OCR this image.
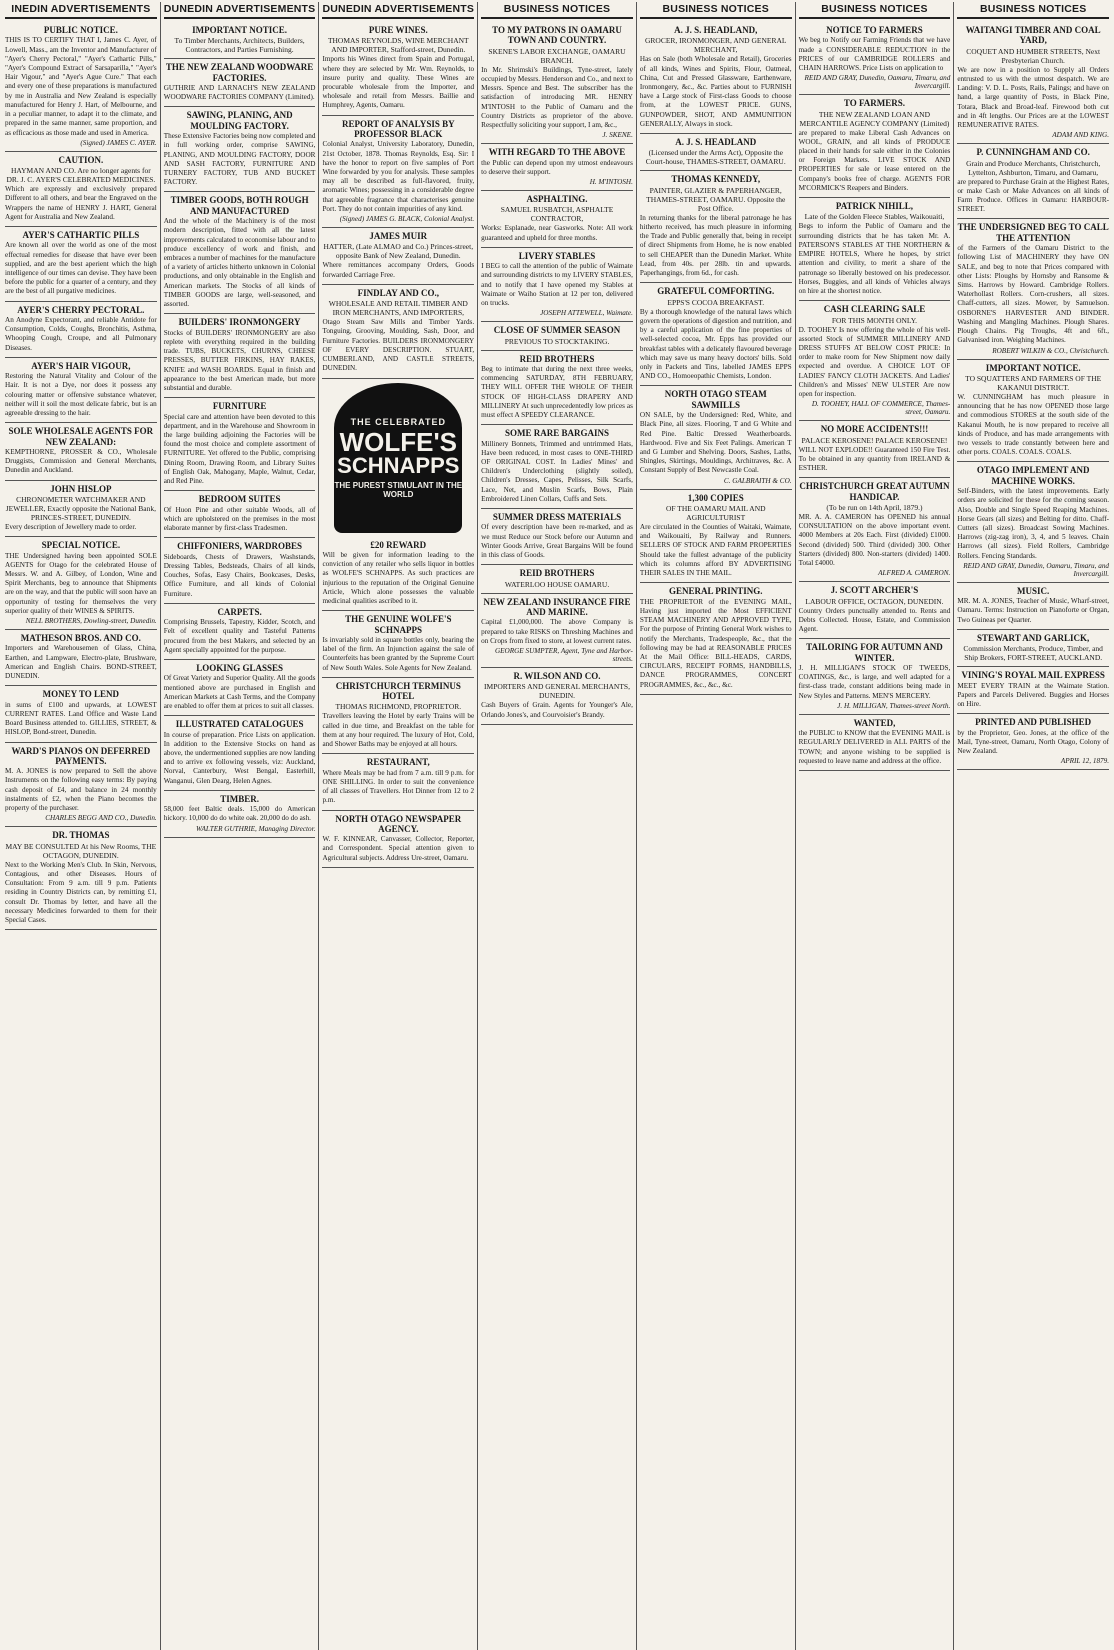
INEDIN ADVERTISEMENTS
PUBLIC NOTICE.
THIS IS TO CERTIFY THAT I, James C. Ayer, of Lowell, Mass., am the Inventor and Manufacturer of "Ayer's Cherry Pectoral," "Ayer's Cathartic Pills," "Ayer's Compound Extract of Sarsaparilla," "Ayer's Hair Vigour," and "Ayer's Ague Cure." That each and every one of these preparations is manufactured by me in Australia and New Zealand is especially manufactured for Henry J. Hart, of Melbourne, and in a peculiar manner, to adapt it to the climate, and prepared in the same manner, same proportion, and as efficacious as those made and used in America.
(Signed) JAMES C. AYER.
CAUTION.
HAYMAN AND CO. Are no longer agents for DR. J. C. AYER'S CELEBRATED MEDICINES.
Which are expressly and exclusively prepared Different to all others, and bear the Engraved on the Wrappers the name of HENRY J. HART, General Agent for Australia and New Zealand.
AYER'S CATHARTIC PILLS
Are known all over the world as one of the most effectual remedies for disease that have ever been supplied, and are the best aperient which the high intelligence of our times can devise. They have been before the public for a quarter of a century, and they are the best of all purgative medicines.
AYER'S CHERRY PECTORAL.
An Anodyne Expectorant, and reliable Antidote for Consumption, Colds, Coughs, Bronchitis, Asthma, Whooping Cough, Croupe, and all Pulmonary Diseases.
AYER'S HAIR VIGOUR,
Restoring the Natural Vitality and Colour of the Hair. It is not a Dye, nor does it possess any colouring matter or offensive substance whatever, neither will it soil the most delicate fabric, but is an agreeable dressing to the hair.
SOLE WHOLESALE AGENTS FOR NEW ZEALAND:
KEMPTHORNE, PROSSER & CO., Wholesale Druggists, Commission and General Merchants, Dunedin and Auckland.
JOHN HISLOP
CHRONOMETER WATCHMAKER AND JEWELLER, Exactly opposite the National Bank, PRINCES-STREET, DUNEDIN.
Every description of Jewellery made to order.
SPECIAL NOTICE.
THE Undersigned having been appointed SOLE AGENTS for Otago for the celebrated House of Messrs. W. and A. Gilbey, of London, Wine and Spirit Merchants, beg to announce that Shipments are on the way, and that the public will soon have an opportunity of testing for themselves the very superior quality of their WINES & SPIRITS.
NELL BROTHERS, Dowling-street, Dunedin.
MATHESON BROS. AND CO.
Importers and Warehousemen of Glass, China, Earthen, and Lampware, Electro-plate, Brushware, American and English Chairs. BOND-STREET, DUNEDIN.
MONEY TO LEND
in sums of £100 and upwards, at LOWEST CURRENT RATES. Land Office and Waste Land Board Business attended to. GILLIES, STREET, & HISLOP, Bond-street, Dunedin.
WARD'S PIANOS ON DEFERRED PAYMENTS.
M. A. JONES is now prepared to Sell the above Instruments on the following easy terms: By paying cash deposit of £4, and balance in 24 monthly instalments of £2, when the Piano becomes the property of the purchaser.
CHARLES BEGG AND CO., Dunedin.
DR. THOMAS
MAY BE CONSULTED At his New Rooms, THE OCTAGON, DUNEDIN.
Next to the Working Men's Club. In Skin, Nervous, Contagious, and other Diseases. Hours of Consultation: From 9 a.m. till 9 p.m. Patients residing in Country Districts can, by remitting £1, consult Dr. Thomas by letter, and have all the necessary Medicines forwarded to them for their Special Cases.
DUNEDIN ADVERTISEMENTS
IMPORTANT NOTICE.
To Timber Merchants, Architects, Builders, Contractors, and Parties Furnishing.
THE NEW ZEALAND WOODWARE FACTORIES.
GUTHRIE AND LARNACH'S NEW ZEALAND WOODWARE FACTORIES COMPANY (Limited).
SAWING, PLANING, AND MOULDING FACTORY.
These Extensive Factories being now completed and in full working order, comprise SAWING, PLANING, AND MOULDING FACTORY, DOOR AND SASH FACTORY, FURNITURE AND TURNERY FACTORY, TUB AND BUCKET FACTORY.
TIMBER GOODS, BOTH ROUGH AND MANUFACTURED
And the whole of the Machinery is of the most modern description, fitted with all the latest improvements calculated to economise labour and to produce excellency of work and finish, and embraces a number of machines for the manufacture of a variety of articles hitherto unknown in Colonial productions, and only obtainable in the English and American markets. The Stocks of all kinds of TIMBER GOODS are large, well-seasoned, and assorted.
BUILDERS' IRONMONGERY
Stocks of BUILDERS' IRONMONGERY are also replete with everything required in the building trade. TUBS, BUCKETS, CHURNS, CHEESE PRESSES, BUTTER FIRKINS, HAY RAKES, KNIFE and WASH BOARDS. Equal in finish and appearance to the best American made, but more substantial and durable.
FURNITURE
Special care and attention have been devoted to this department, and in the Warehouse and Showroom in the large building adjoining the Factories will be found the most choice and complete assortment of FURNITURE. Yet offered to the Public, comprising Dining Room, Drawing Room, and Library Suites of English Oak, Mahogany, Maple, Walnut, Cedar, and Red Pine.
BEDROOM SUITES
Of Huon Pine and other suitable Woods, all of which are upholstered on the premises in the most elaborate manner by first-class Tradesmen.
CHIFFONIERS, WARDROBES
Sideboards, Chests of Drawers, Washstands, Dressing Tables, Bedsteads, Chairs of all kinds, Couches, Sofas, Easy Chairs, Bookcases, Desks, Office Furniture, and all kinds of Colonial Furniture.
CARPETS.
Comprising Brussels, Tapestry, Kidder, Scotch, and Felt of excellent quality and Tasteful Patterns procured from the best Makers, and selected by an Agent specially appointed for the purpose.
LOOKING GLASSES
Of Great Variety and Superior Quality. All the goods mentioned above are purchased in English and American Markets at Cash Terms, and the Company are enabled to offer them at prices to suit all classes.
ILLUSTRATED CATALOGUES
In course of preparation. Price Lists on application. In addition to the Extensive Stocks on hand as above, the undermentioned supplies are now landing and to arrive ex following vessels, viz: Auckland, Norval, Canterbury, West Bengal, Easterhill, Wanganui, Glen Dearg, Helen Agnes.
TIMBER.
58,000 feet Baltic deals. 15,000 do American hickory. 10,000 do do white oak. 20,000 do do ash.
WALTER GUTHRIE, Managing Director.
DUNEDIN ADVERTISEMENTS
PURE WINES.
THOMAS REYNOLDS, WINE MERCHANT AND IMPORTER, Stafford-street, Dunedin.
Imports his Wines direct from Spain and Portugal, where they are selected by Mr. Wm. Reynolds, to insure purity and quality. These Wines are procurable wholesale from the Importer, and wholesale and retail from Messrs. Baillie and Humphrey, Agents, Oamaru.
REPORT OF ANALYSIS BY PROFESSOR BLACK
Colonial Analyst, University Laboratory, Dunedin, 21st October, 1878. Thomas Reynolds, Esq. Sir: I have the honor to report on five samples of Port Wine forwarded by you for analysis. These samples may all be described as full-flavored, fruity, aromatic Wines; possessing in a considerable degree that agreeable fragrance that characterises genuine Port. They do not contain impurities of any kind.
(Signed) JAMES G. BLACK, Colonial Analyst.
JAMES MUIR
HATTER, (Late ALMAO and Co.) Princes-street, opposite Bank of New Zealand, Dunedin.
Where remittances accompany Orders, Goods forwarded Carriage Free.
FINDLAY AND CO.,
WHOLESALE AND RETAIL TIMBER AND IRON MERCHANTS, AND IMPORTERS,
Otago Steam Saw Mills and Timber Yards. Tonguing, Grooving, Moulding, Sash, Door, and Furniture Factories. BUILDERS IRONMONGERY OF EVERY DESCRIPTION. STUART, CUMBERLAND, AND CASTLE STREETS, DUNEDIN.
THE CELEBRATED
WOLFE'S
SCHNAPPS
THE PUREST STIMULANT IN THE WORLD
£20 REWARD
Will be given for information leading to the conviction of any retailer who sells liquor in bottles as WOLFE'S SCHNAPPS. As such practices are injurious to the reputation of the Original Genuine Article, Which alone possesses the valuable medicinal qualities ascribed to it.
THE GENUINE WOLFE'S SCHNAPPS
Is invariably sold in square bottles only, bearing the label of the firm. An Injunction against the sale of Counterfeits has been granted by the Supreme Court of New South Wales. Sole Agents for New Zealand.
CHRISTCHURCH TERMINUS HOTEL
THOMAS RICHMOND, PROPRIETOR.
Travellers leaving the Hotel by early Trains will be called in due time, and Breakfast on the table for them at any hour required. The luxury of Hot, Cold, and Shower Baths may be enjoyed at all hours.
RESTAURANT,
Where Meals may be had from 7 a.m. till 9 p.m. for ONE SHILLING. In order to suit the convenience of all classes of Travellers. Hot Dinner from 12 to 2 p.m.
NORTH OTAGO NEWSPAPER AGENCY.
W. F. KINNEAR, Canvasser, Collector, Reporter, and Correspondent. Special attention given to Agricultural subjects. Address Ure-street, Oamaru.
BUSINESS NOTICES
TO MY PATRONS IN OAMARU TOWN AND COUNTRY.
SKENE'S LABOR EXCHANGE, OAMARU BRANCH.
In Mr. Shrimski's Buildings, Tyne-street, lately occupied by Messrs. Henderson and Co., and next to Messrs. Spence and Best. The subscriber has the satisfaction of introducing MR. HENRY M'INTOSH to the Public of Oamaru and the Country Districts as proprietor of the above. Respectfully soliciting your support, I am, &c.,
J. SKENE.
WITH REGARD TO THE ABOVE
the Public can depend upon my utmost endeavours to deserve their support.
H. M'INTOSH.
ASPHALTING.
SAMUEL RUSBATCH, ASPHALTE CONTRACTOR,
Works: Esplanade, near Gasworks. Note: All work guaranteed and upheld for three months.
LIVERY STABLES
I BEG to call the attention of the public of Waimate and surrounding districts to my LIVERY STABLES, and to notify that I have opened my Stables at Waimate or Waiho Station at 12 per ton, delivered on trucks.
JOSEPH ATTEWELL, Waimate.
CLOSE OF SUMMER SEASON
PREVIOUS TO STOCKTAKING.
REID BROTHERS
Beg to intimate that during the next three weeks, commencing SATURDAY, 8TH FEBRUARY, THEY WILL OFFER THE WHOLE OF THEIR STOCK OF HIGH-CLASS DRAPERY AND MILLINERY At such unprecedentedly low prices as must effect A SPEEDY CLEARANCE.
SOME RARE BARGAINS
Millinery Bonnets, Trimmed and untrimmed Hats, Have been reduced, in most cases to ONE-THIRD OF ORIGINAL COST. In Ladies' Mines' and Children's Underclothing (slightly soiled), Children's Dresses, Capes, Pelisses, Silk Scarfs, Lace, Net, and Muslin Scarfs, Bows, Plain Embroidered Linen Collars, Cuffs and Sets.
SUMMER DRESS MATERIALS
Of every description have been re-marked, and as we must Reduce our Stock before our Autumn and Winter Goods Arrive, Great Bargains Will be found in this class of Goods.
REID BROTHERS
WATERLOO HOUSE OAMARU.
NEW ZEALAND INSURANCE FIRE AND MARINE.
Capital £1,000,000. The above Company is prepared to take RISKS on Threshing Machines and on Crops from fixed to store, at lowest current rates.
GEORGE SUMPTER, Agent, Tyne and Harbor-streets.
R. WILSON AND CO.
IMPORTERS AND GENERAL MERCHANTS, DUNEDIN.
Cash Buyers of Grain. Agents for Younger's Ale, Orlando Jones's, and Courvoisier's Brandy.
BUSINESS NOTICES
A. J. S. HEADLAND,
GROCER, IRONMONGER, AND GENERAL MERCHANT,
Has on Sale (both Wholesale and Retail), Groceries of all kinds, Wines and Spirits, Flour, Oatmeal, China, Cut and Pressed Glassware, Earthenware, Ironmongery, &c., &c. Parties about to FURNISH have a Large stock of First-class Goods to choose from, at the LOWEST PRICE. GUNS, GUNPOWDER, SHOT, AND AMMUNITION GENERALLY, Always in stock.
A. J. S. HEADLAND
(Licensed under the Arms Act), Opposite the Court-house, THAMES-STREET, OAMARU.
THOMAS KENNEDY,
PAINTER, GLAZIER & PAPERHANGER, THAMES-STREET, OAMARU. Opposite the Post Office.
In returning thanks for the liberal patronage he has hitherto received, has much pleasure in informing the Trade and Public generally that, being in receipt of direct Shipments from Home, he is now enabled to sell CHEAPER than the Dunedin Market. White Lead, from 40s. per 28lb. tin and upwards. Paperhangings, from 6d., for cash.
GRATEFUL COMFORTING.
EPPS'S COCOA BREAKFAST.
By a thorough knowledge of the natural laws which govern the operations of digestion and nutrition, and by a careful application of the fine properties of well-selected cocoa, Mr. Epps has provided our breakfast tables with a delicately flavoured beverage which may save us many heavy doctors' bills. Sold only in Packets and Tins, labelled JAMES EPPS AND CO., Homoeopathic Chemists, London.
NORTH OTAGO STEAM SAWMILLS
ON SALE, by the Undersigned: Red, White, and Black Pine, all sizes. Flooring, T and G White and Red Pine. Baltic Dressed Weatherboards. Hardwood. Five and Six Feet Palings. American T and G Lumber and Shelving. Doors, Sashes, Laths, Shingles, Skirtings, Mouldings, Architraves, &c. A Constant Supply of Best Newcastle Coal.
C. GALBRAITH & CO.
1,300 COPIES
OF THE OAMARU MAIL AND AGRICULTURIST
Are circulated in the Counties of Waitaki, Waimate, and Waikouaiti, By Railway and Runners. SELLERS OF STOCK AND FARM PROPERTIES Should take the fullest advantage of the publicity which its columns afford BY ADVERTISING THEIR SALES IN THE MAIL.
GENERAL PRINTING.
THE PROPRIETOR of the EVENING MAIL, Having just imported the Most EFFICIENT STEAM MACHINERY AND APPROVED TYPE, For the purpose of Printing General Work wishes to notify the Merchants, Tradespeople, &c., that the following may be had at REASONABLE PRICES At the Mail Office: BILL-HEADS, CARDS, CIRCULARS, RECEIPT FORMS, HANDBILLS, DANCE PROGRAMMES, CONCERT PROGRAMMES, &c., &c., &c.
BUSINESS NOTICES
NOTICE TO FARMERS
We beg to Notify our Farming Friends that we have made a CONSIDERABLE REDUCTION in the PRICES of our CAMBRIDGE ROLLERS and CHAIN HARROWS. Price Lists on application to
REID AND GRAY, Dunedin, Oamaru, Timaru, and Invercargill.
TO FARMERS.
THE NEW ZEALAND LOAN AND MERCANTILE AGENCY COMPANY (Limited)
are prepared to make Liberal Cash Advances on WOOL, GRAIN, and all kinds of PRODUCE placed in their hands for sale either in the Colonies or Foreign Markets. LIVE STOCK AND PROPERTIES for sale or lease entered on the Company's books free of charge. AGENTS FOR M'CORMICK'S Reapers and Binders.
PATRICK NIHILL,
Late of the Golden Fleece Stables, Waikouaiti,
Begs to inform the Public of Oamaru and the surrounding districts that he has taken Mr. A. PATERSON'S STABLES AT THE NORTHERN & EMPIRE HOTELS, Where he hopes, by strict attention and civility, to merit a share of the patronage so liberally bestowed on his predecessor. Horses, Buggies, and all kinds of Vehicles always on hire at the shortest notice.
CASH CLEARING SALE
FOR THIS MONTH ONLY.
D. TOOHEY Is now offering the whole of his well-assorted Stock of SUMMER MILLINERY AND DRESS STUFFS AT BELOW COST PRICE: In order to make room for New Shipment now daily expected and overdue. A CHOICE LOT OF LADIES' FANCY CLOTH JACKETS. And Ladies' Children's and Misses' NEW ULSTER Are now open for inspection.
D. TOOHEY, HALL OF COMMERCE, Thames-street, Oamaru.
NO MORE ACCIDENTS!!!
PALACE KEROSENE! PALACE KEROSENE!
WILL NOT EXPLODE!! Guaranteed 150 Fire Test. To be obtained in any quantity from IRELAND & ESTHER.
CHRISTCHURCH GREAT AUTUMN HANDICAP.
(To be run on 14th April, 1879.)
MR. A. A. CAMERON has OPENED his annual CONSULTATION on the above important event. 4000 Members at 20s Each. First (divided) £1000. Second (divided) 500. Third (divided) 300. Other Starters (divided) 800. Non-starters (divided) 1400. Total £4000.
ALFRED A. CAMERON.
J. SCOTT ARCHER'S
LABOUR OFFICE, OCTAGON, DUNEDIN.
Country Orders punctually attended to. Rents and Debts Collected. House, Estate, and Commission Agent.
TAILORING FOR AUTUMN AND WINTER.
J. H. MILLIGAN'S STOCK OF TWEEDS, COATINGS, &c., is large, and well adapted for a first-class trade, constant additions being made in New Styles and Patterns. MEN'S MERCERY.
J. H. MILLIGAN, Thames-street North.
WANTED,
the PUBLIC to KNOW that the EVENING MAIL is REGULARLY DELIVERED in ALL PARTS of the TOWN; and anyone wishing to be supplied is requested to leave name and address at the office.
BUSINESS NOTICES
WAITANGI TIMBER AND COAL YARD,
COQUET AND HUMBER STREETS, Next Presbyterian Church.
We are now in a position to Supply all Orders entrusted to us with the utmost despatch. We are Landing: V. D. L. Posts, Rails, Palings; and have on hand, a large quantity of Posts, in Black Pine, Totara, Black and Broad-leaf. Firewood both cut and in 4ft lengths. Our Prices are at the LOWEST REMUNERATIVE RATES.
ADAM AND KING.
P. CUNNINGHAM AND CO.
Grain and Produce Merchants, Christchurch, Lyttelton, Ashburton, Timaru, and Oamaru,
are prepared to Purchase Grain at the Highest Rates, or make Cash or Make Advances on all kinds of Farm Produce. Offices in Oamaru: HARBOUR-STREET.
THE UNDERSIGNED BEG TO CALL THE ATTENTION
of the Farmers of the Oamaru District to the following List of MACHINERY they have ON SALE, and beg to note that Prices compared with other Lists: Ploughs by Hornsby and Ransome & Sims. Harrows by Howard. Cambridge Rollers. Waterhollast Rollers. Corn-crushers, all sizes. Chaff-cutters, all sizes. Mower, by Samuelson. OSBORNE'S HARVESTER AND BINDER. Washing and Mangling Machines. Plough Shares. Plough Chains. Pig Troughs, 4ft and 6ft., Galvanised iron. Weighing Machines.
ROBERT WILKIN & CO., Christchurch.
IMPORTANT NOTICE.
TO SQUATTERS AND FARMERS OF THE KAKANUI DISTRICT.
W. CUNNINGHAM has much pleasure in announcing that he has now OPENED those large and commodious STORES at the south side of the Kakanui Mouth, he is now prepared to receive all kinds of Produce, and has made arrangements with two vessels to trade constantly between here and other ports. COALS. COALS. COALS.
OTAGO IMPLEMENT AND MACHINE WORKS.
Self-Binders, with the latest improvements. Early orders are solicited for these for the coming season. Also, Double and Single Speed Reaping Machines. Horse Gears (all sizes) and Belting for ditto. Chaff-Cutters (all sizes). Broadcast Sowing Machines. Harrows (zig-zag iron), 3, 4, and 5 leaves. Chain Harrows (all sizes). Field Rollers, Cambridge Rollers. Fencing Standards.
REID AND GRAY, Dunedin, Oamaru, Timaru, and Invercargill.
MUSIC.
MR. M. A. JONES, Teacher of Music, Wharf-street, Oamaru. Terms: Instruction on Pianoforte or Organ, Two Guineas per Quarter.
STEWART AND GARLICK,
Commission Merchants, Produce, Timber, and Ship Brokers, FORT-STREET, AUCKLAND.
VINING'S ROYAL MAIL EXPRESS
MEET EVERY TRAIN at the Waimate Station. Papers and Parcels Delivered. Buggies and Horses on Hire.
PRINTED AND PUBLISHED
by the Proprietor, Geo. Jones, at the office of the Mail, Tyne-street, Oamaru, North Otago, Colony of New Zealand.
APRIL 12, 1879.
